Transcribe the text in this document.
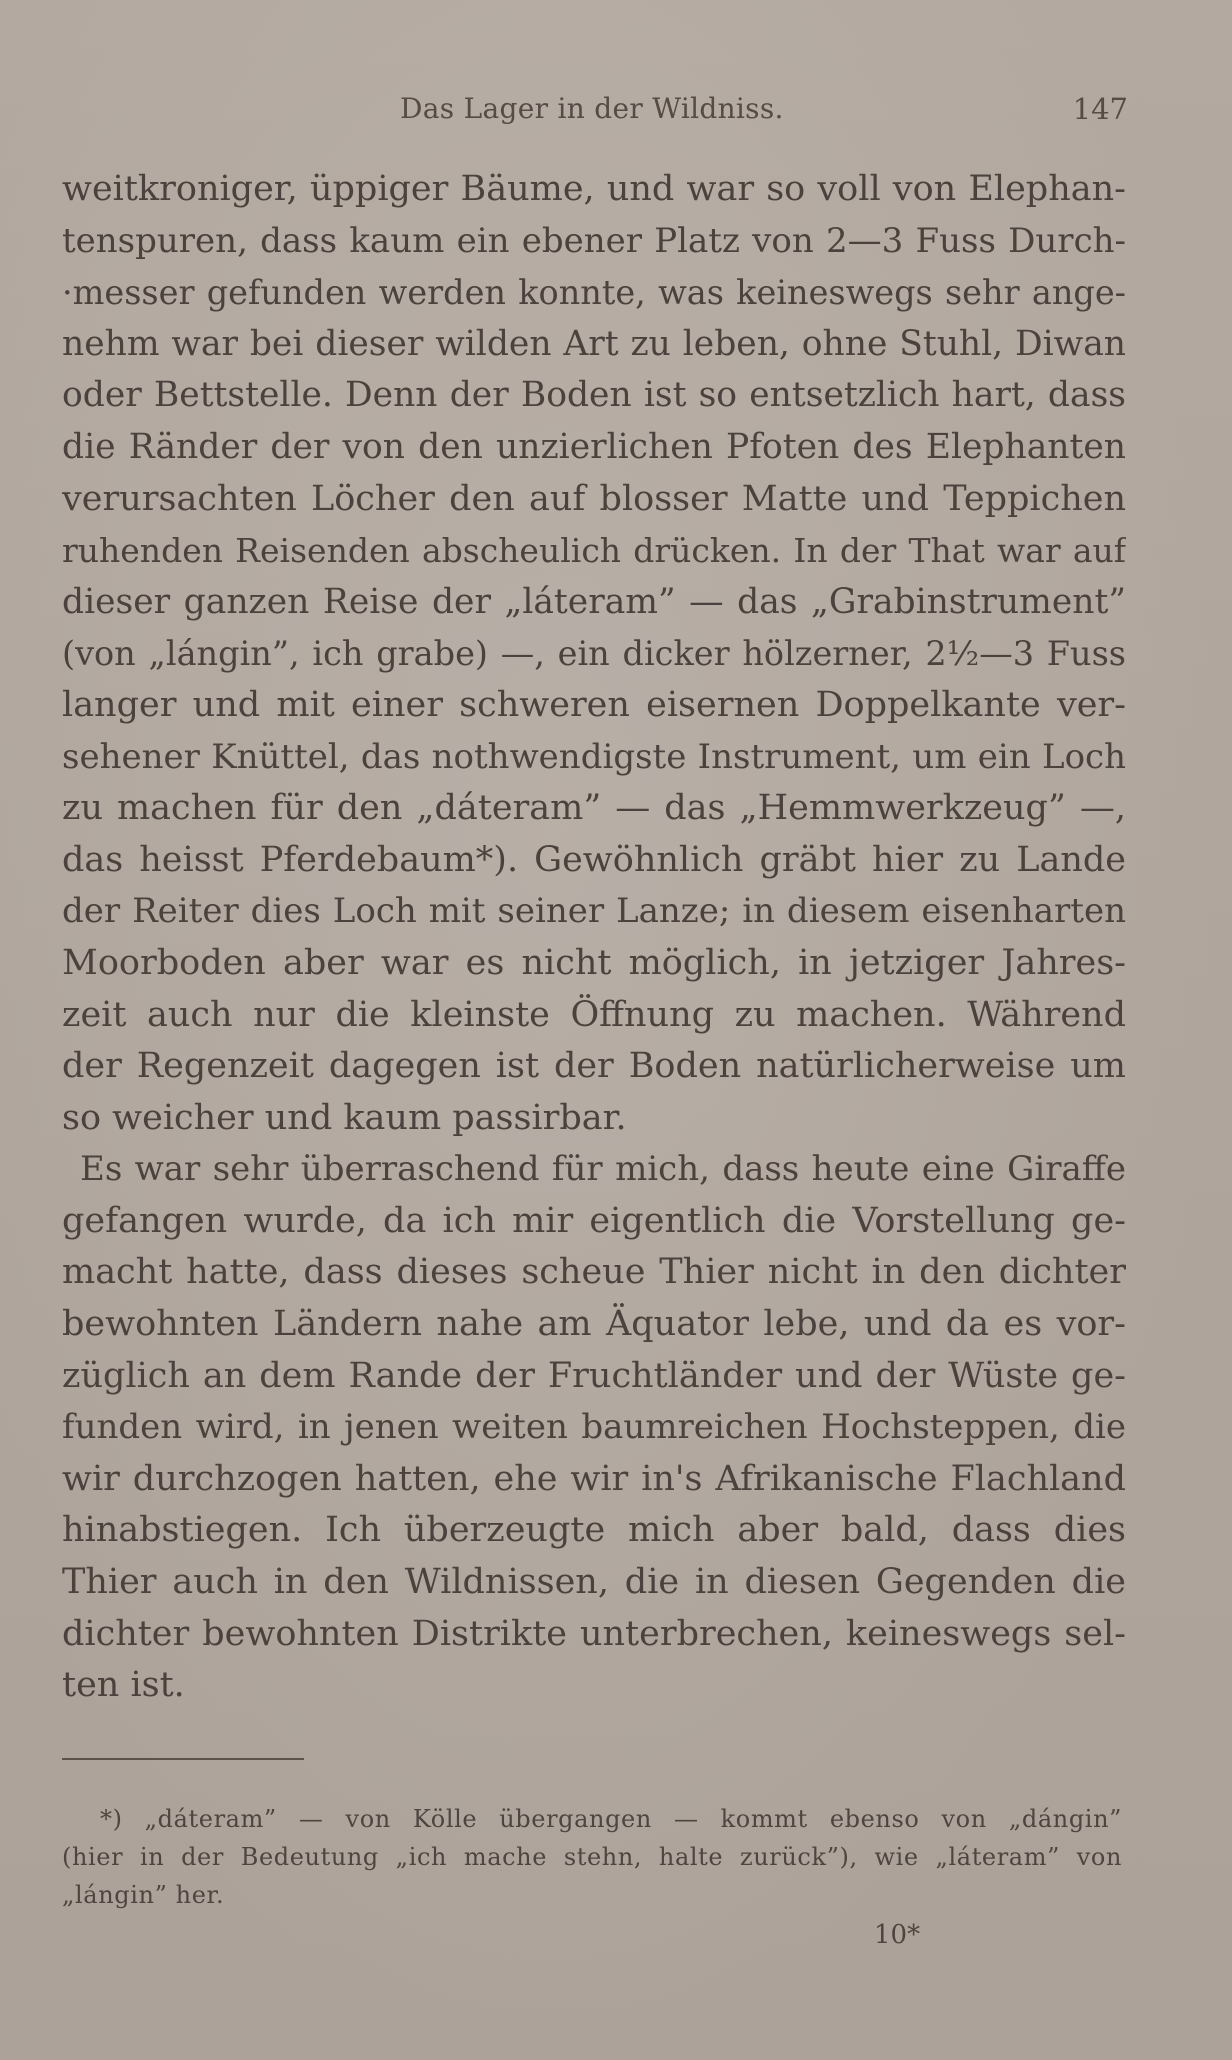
Das Lager in der Wildniss.	147
weitkroniger, üppiger Bäume, und war so voll von Elephan-
tenspuren, dass kaum ein ebener Platz von 2—3 Fuss Durch-
·messer gefunden werden konnte, was keineswegs sehr ange-
nehm war bei dieser wilden Art zu leben, ohne Stuhl, Diwan
oder Bettstelle. Denn der Boden ist so entsetzlich hart, dass
die Ränder der von den unzierlichen Pfoten des Elephanten
verursachten Löcher den auf blosser Matte und Teppichen
ruhenden Reisenden abscheulich drücken. In der That war auf
dieser ganzen Reise der „láteram” — das „Grabinstrument”
(von „lángin”, ich grabe) —, ein dicker hölzerner, 2½—3 Fuss
langer und mit einer schweren eisernen Doppelkante ver-
sehener Knüttel, das nothwendigste Instrument, um ein Loch
zu machen für den „dáteram” — das „Hemmwerkzeug” —,
das heisst Pferdebaum*). Gewöhnlich gräbt hier zu Lande
der Reiter dies Loch mit seiner Lanze; in diesem eisenharten
Moorboden aber war es nicht möglich, in jetziger Jahres-
zeit auch nur die kleinste Öffnung zu machen. Während
der Regenzeit dagegen ist der Boden natürlicherweise um
so weicher und kaum passirbar.
Es war sehr überraschend für mich, dass heute eine Giraffe
gefangen wurde, da ich mir eigentlich die Vorstellung ge-
macht hatte, dass dieses scheue Thier nicht in den dichter
bewohnten Ländern nahe am Äquator lebe, und da es vor-
züglich an dem Rande der Fruchtländer und der Wüste ge-
funden wird, in jenen weiten baumreichen Hochsteppen, die
wir durchzogen hatten, ehe wir in's Afrikanische Flachland
hinabstiegen. Ich überzeugte mich aber bald, dass dies
Thier auch in den Wildnissen, die in diesen Gegenden die
dichter bewohnten Distrikte unterbrechen, keineswegs sel-
ten ist.
*) „dáteram” — von Kölle übergangen — kommt ebenso von „dángin”
(hier in der Bedeutung „ich mache stehn, halte zurück”), wie „láteram” von
„lángin” her.
10*
